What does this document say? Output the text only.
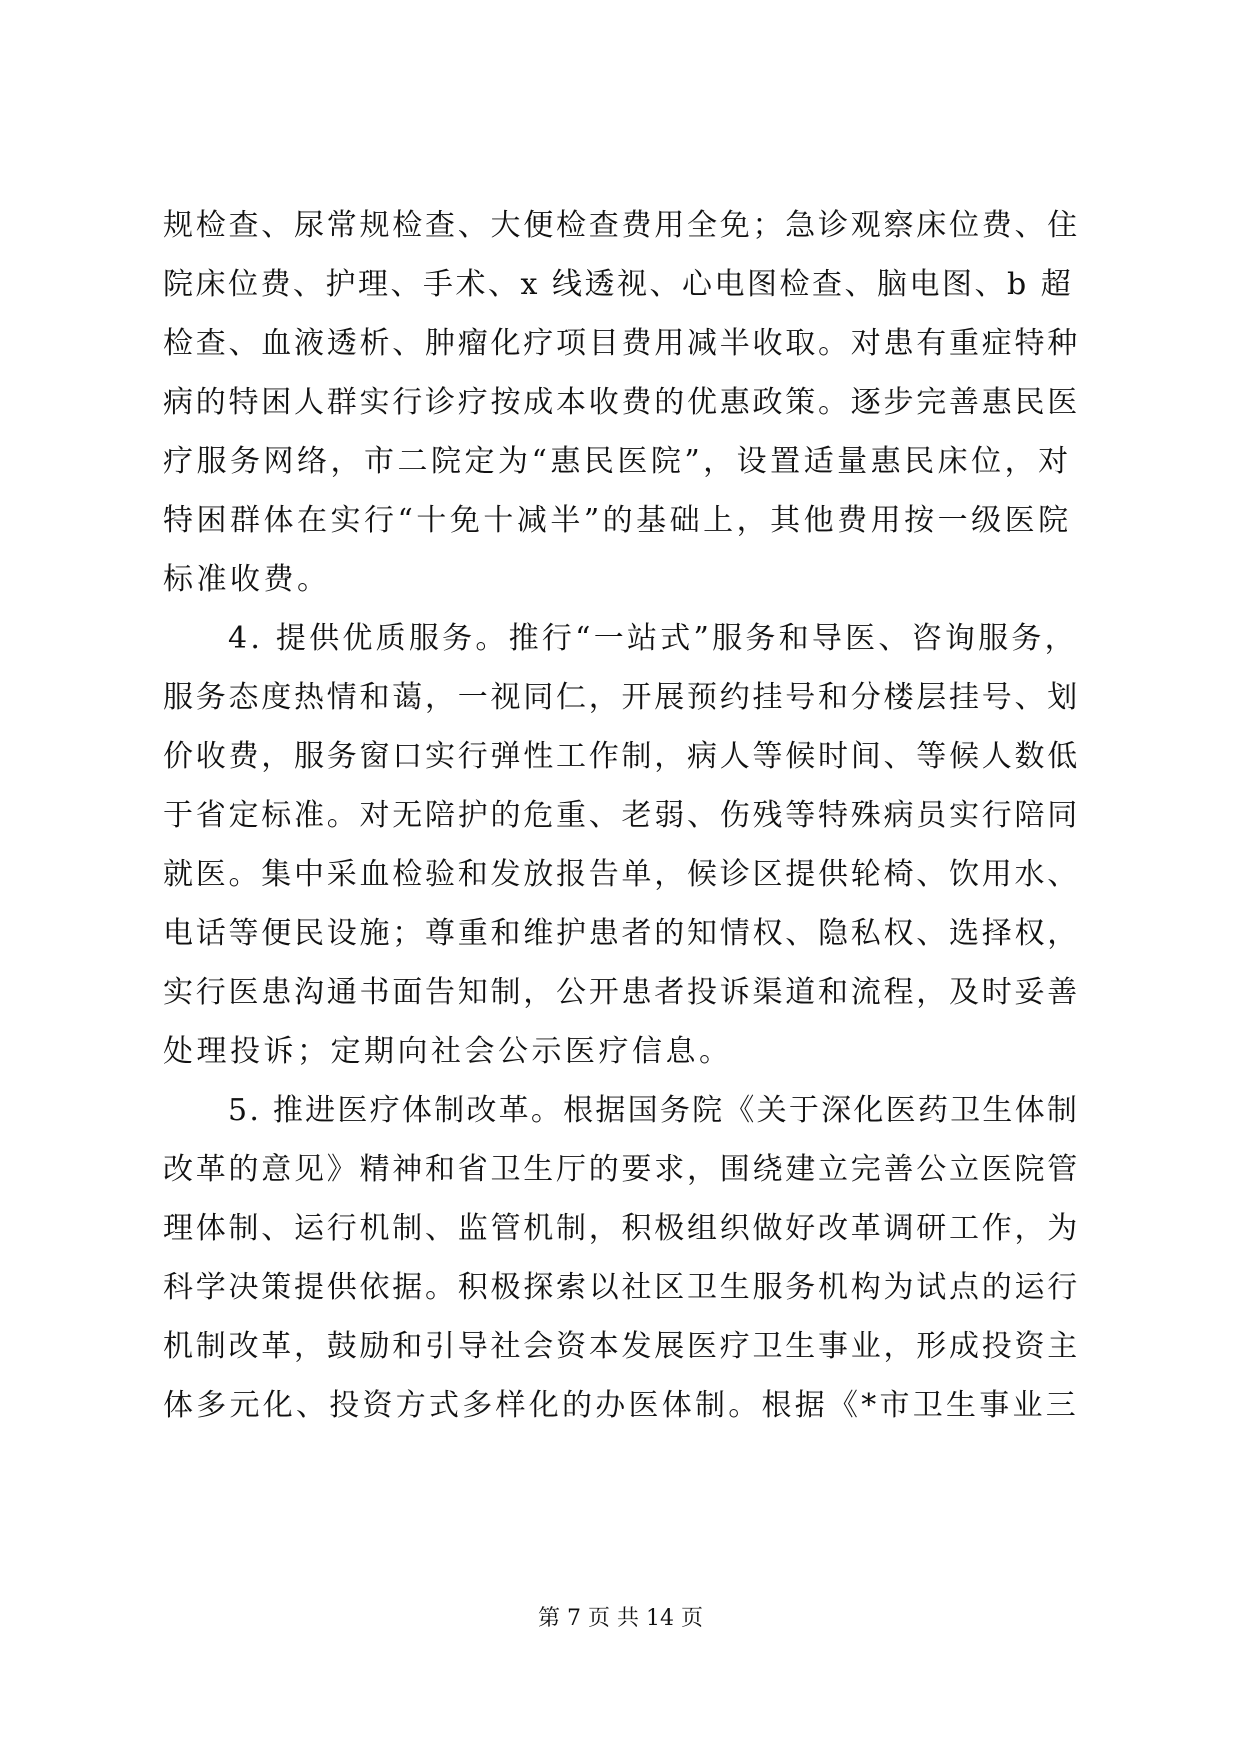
规检查、尿常规检查、大便检查费用全免；急诊观察床位费、住
院床位费、护理、手术、x 线透视、心电图检查、脑电图、b 超
检查、血液透析、肿瘤化疗项目费用减半收取。对患有重症特种
病的特困人群实行诊疗按成本收费的优惠政策。逐步完善惠民医
疗服务网络，市二院定为“惠民医院”，设置适量惠民床位，对
特困群体在实行“十免十减半”的基础上，其他费用按一级医院
标准收费。
4. 提供优质服务。推行“一站式”服务和导医、咨询服务，
服务态度热情和蔼，一视同仁，开展预约挂号和分楼层挂号、划
价收费，服务窗口实行弹性工作制，病人等候时间、等候人数低
于省定标准。对无陪护的危重、老弱、伤残等特殊病员实行陪同
就医。集中采血检验和发放报告单，候诊区提供轮椅、饮用水、
电话等便民设施；尊重和维护患者的知情权、隐私权、选择权，
实行医患沟通书面告知制，公开患者投诉渠道和流程，及时妥善
处理投诉；定期向社会公示医疗信息。
5. 推进医疗体制改革。根据国务院《关于深化医药卫生体制
改革的意见》精神和省卫生厅的要求，围绕建立完善公立医院管
理体制、运行机制、监管机制，积极组织做好改革调研工作，为
科学决策提供依据。积极探索以社区卫生服务机构为试点的运行
机制改革，鼓励和引导社会资本发展医疗卫生事业，形成投资主
体多元化、投资方式多样化的办医体制。根据《*市卫生事业三
第 7 页 共 14 页
